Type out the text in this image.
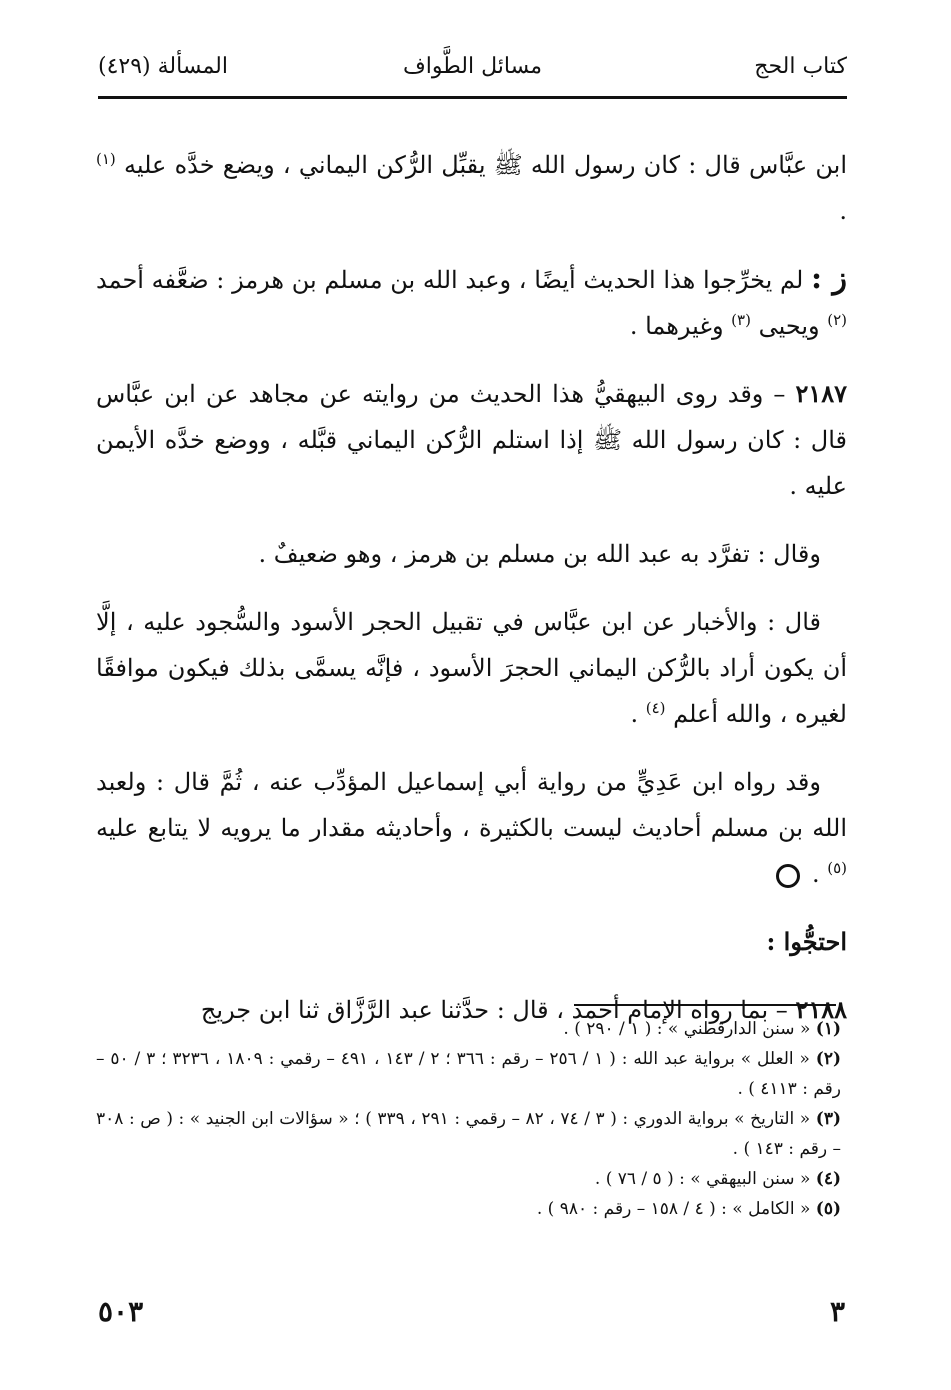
كتاب الحج
مسائل الطَّواف
المسألة (٤٢٩)

ابن عبَّاس قال : كان رسول الله ﷺ يقبِّل الرُّكن اليماني ، ويضع خدَّه عليه $^{(١)}$ .

ز : لم يخرِّجوا هذا الحديث أيضًا ، وعبد الله بن مسلم بن هرمز : ضعَّفه أحمد $^{(٢)}$ ويحيى $^{(٣)}$ وغيرهما .

٢١٨٧ – وقد روى البيهقيُّ هذا الحديث من روايته عن مجاهد عن ابن عبَّاس قال : كان رسول الله ﷺ إذا استلم الرُّكن اليماني قبَّله ، ووضع خدَّه الأيمن عليه .

وقال : تفرَّد به عبد الله بن مسلم بن هرمز ، وهو ضعيفٌ .

قال : والأخبار عن ابن عبَّاس في تقبيل الحجر الأسود والسُّجود عليه ، إلَّا أن يكون أراد بالرُّكن اليماني الحجرَ الأسود ، فإنَّه يسمَّى بذلك فيكون موافقًا لغيره ، والله أعلم $^{(٤)}$ .

وقد رواه ابن عَدِيٍّ من رواية أبي إسماعيل المؤدِّب عنه ، ثُمَّ قال : ولعبد الله بن مسلم أحاديث ليست بالكثيرة ، وأحاديثه مقدار ما يرويه لا يتابع عليه $^{(٥)}$ .

احتجُّوا :

٢١٨٨ – بما رواه الإمام أحمد ، قال : حدَّثنا عبد الرَّزَّاق ثنا ابن جريج

(١) « سنن الدارقطني » : ( ١ / ٢٩٠ ) .

(٢) « العلل » برواية عبد الله : ( ١ / ٢٥٦ – رقم : ٣٦٦ ؛ ٢ / ١٤٣ ، ٤٩١ – رقمي : ١٨٠٩ ، ٣٢٣٦ ؛ ٣ / ٥٠ – رقم : ٤١١٣ ) .

(٣) « التاريخ » برواية الدوري : ( ٣ / ٧٤ ، ٨٢ – رقمي : ٢٩١ ، ٣٣٩ ) ؛ « سؤالات ابن الجنيد » : ( ص : ٣٠٨ – رقم : ١٤٣ ) .

(٤) « سنن البيهقي » : ( ٥ / ٧٦ ) .

(٥) « الكامل » : ( ٤ / ١٥٨ – رقم : ٩٨٠ ) .

٣
٥٠٣
